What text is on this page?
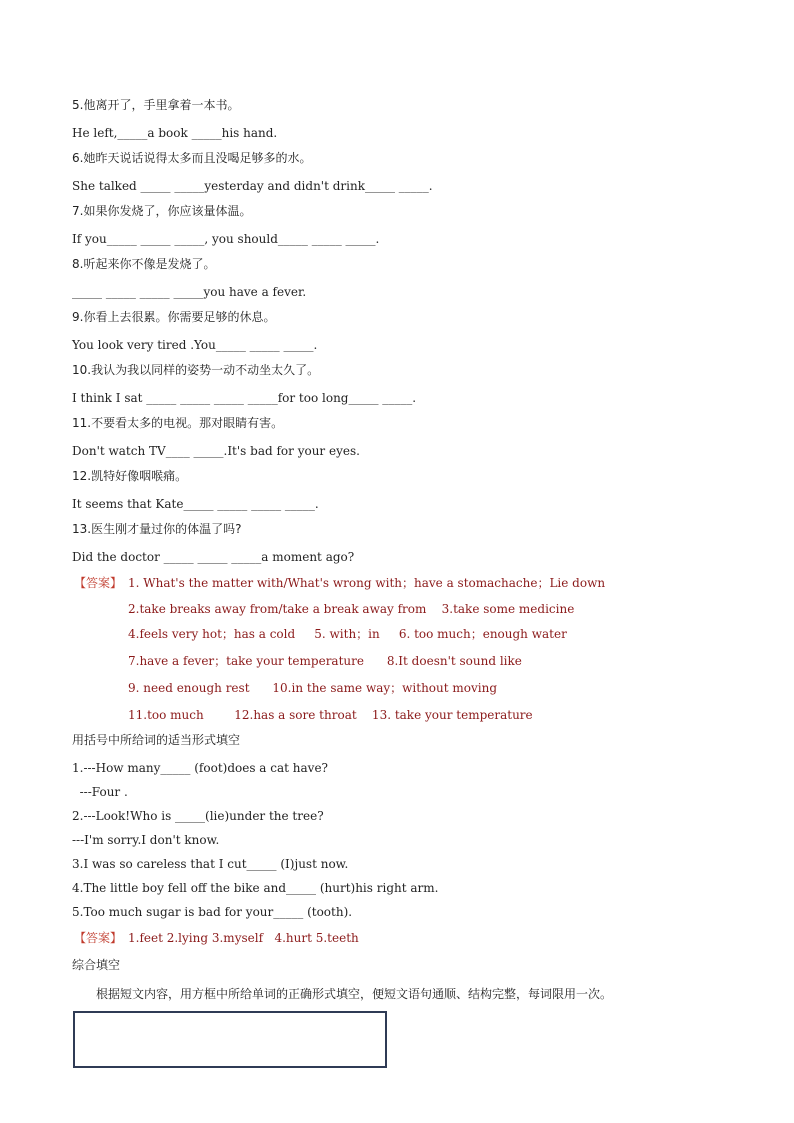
5.他离开了，手里拿着一本书。
He left,_____a book _____his hand.
6.她昨天说话说得太多而且没喝足够多的水。
She talked _____ _____yesterday and didn't drink_____ _____.
7.如果你发烧了，你应该量体温。
If you_____ _____ _____, you should_____ _____ _____.
8.听起来你不像是发烧了。
_____ _____ _____ _____you have a fever.
9.你看上去很累。你需要足够的休息。
You look very tired .You_____ _____ _____.
10.我认为我以同样的姿势一动不动坐太久了。
I think I sat _____ _____ _____ _____for too long_____ _____.
11.不要看太多的电视。那对眼睛有害。
Don't watch TV____ _____.It's bad for your eyes.
12.凯特好像咽喉痛。
It seems that Kate_____ _____ _____ _____.
13.医生刚才量过你的体温了吗?
Did the doctor _____ _____ _____a moment ago?
【答案】 1. What's the matter with/What's wrong with；have a stomachache；Lie down
2.take breaks away from/take a break away from    3.take some medicine
4.feels very hot；has a cold     5. with；in     6. too much；enough water
7.have a fever；take your temperature      8.It doesn't sound like
9. need enough rest      10.in the same way；without moving
11.too much        12.has a sore throat    13. take your temperature
用括号中所给词的适当形式填空
1.---How many_____ (foot)does a cat have?
---Four .
2.---Look!Who is _____(lie)under the tree?
---I'm sorry.I don't know.
3.I was so careless that I cut_____ (I)just now.
4.The little boy fell off the bike and_____ (hurt)his right arm.
5.Too much sugar is bad for your_____ (tooth).
【答案】 1.feet 2.lying 3.myself   4.hurt 5.teeth
综合填空
根据短文内容，用方框中所给单词的正确形式填空，便短文语句通顺、结构完整，每词限用一次。
